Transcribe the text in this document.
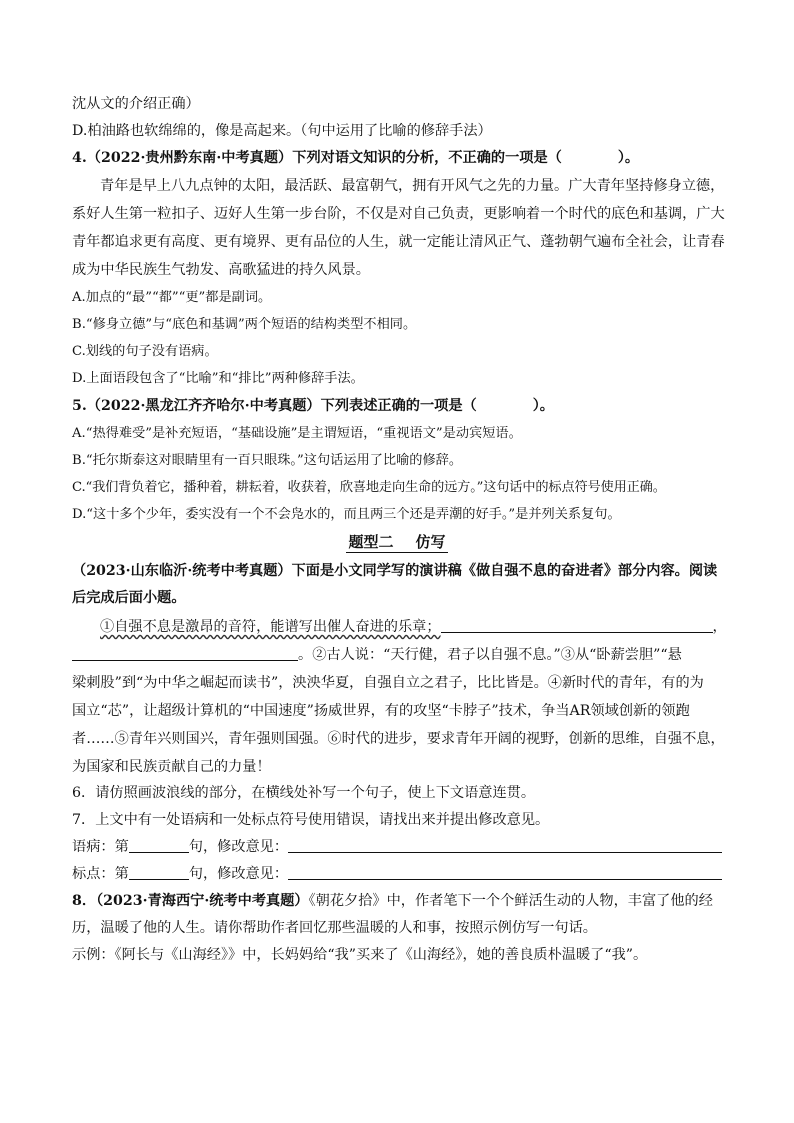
沈从文的介绍正确）
D.柏油路也软绵绵的，像是高起来。（句中运用了比喻的修辞手法）
4.（2022·贵州黔东南·中考真题）下列对语文知识的分析，不正确的一项是（	）。
青年是早上八九点钟的太阳，最活跃、最富朝气，拥有开风气之先的力量。广大青年坚持修身立德，
系好人生第一粒扣子、迈好人生第一步台阶，不仅是对自己负责，更影响着一个时代的底色和基调，广大
青年都追求更有高度、更有境界、更有品位的人生，就一定能让清风正气、蓬勃朝气遍布全社会，让青春
成为中华民族生气勃发、高歌猛进的持久风景。
A.加点的“最”“都”“更”都是副词。
B.“修身立德”与“底色和基调”两个短语的结构类型不相同。
C.划线的句子没有语病。
D.上面语段包含了“比喻”和“排比”两种修辞手法。
5.（2022·黑龙江齐齐哈尔·中考真题）下列表述正确的一项是（	）。
A.“热得难受”是补充短语，“基础设施”是主谓短语，“重视语文”是动宾短语。
B.“托尔斯泰这对眼睛里有一百只眼珠。”这句话运用了比喻的修辞。
C.“我们背负着它，播种着，耕耘着，收获着，欣喜地走向生命的远方。”这句话中的标点符号使用正确。
D.“这十多个少年，委实没有一个不会凫水的，而且两三个还是弄潮的好手。”是并列关系复句。
题型二 仿写
（2023·山东临沂·统考中考真题）下面是小文同学写的演讲稿《做自强不息的奋进者》部分内容。阅读
后完成后面小题。
①自强不息是激昂的音符，能谱写出催人奋进的乐章；	，
。②古人说：“天行健，君子以自强不息。”③从“卧薪尝胆”“悬
梁刺股”到“为中华之崛起而读书”，泱泱华夏，自强自立之君子，比比皆是。④新时代的青年，有的为
国立“芯”，让超级计算机的“中国速度”扬威世界，有的攻坚“卡脖子”技术，争当AR领域创新的领跑
者……⑤青年兴则国兴，青年强则国强。⑥时代的进步，要求青年开阔的视野，创新的思维，自强不息，
为国家和民族贡献自己的力量！
6．请仿照画波浪线的部分，在横线处补写一个句子，使上下文语意连贯。
7．上文中有一处语病和一处标点符号使用错误，请找出来并提出修改意见。
语病：第	句，修改意见：
标点：第	句，修改意见：
8．（2023·青海西宁·统考中考真题）《朝花夕拾》中，作者笔下一个个鲜活生动的人物，丰富了他的经
历，温暖了他的人生。请你帮助作者回忆那些温暖的人和事，按照示例仿写一句话。
示例：《阿长与《山海经》》中，长妈妈给“我”买来了《山海经》，她的善良质朴温暖了“我”。
